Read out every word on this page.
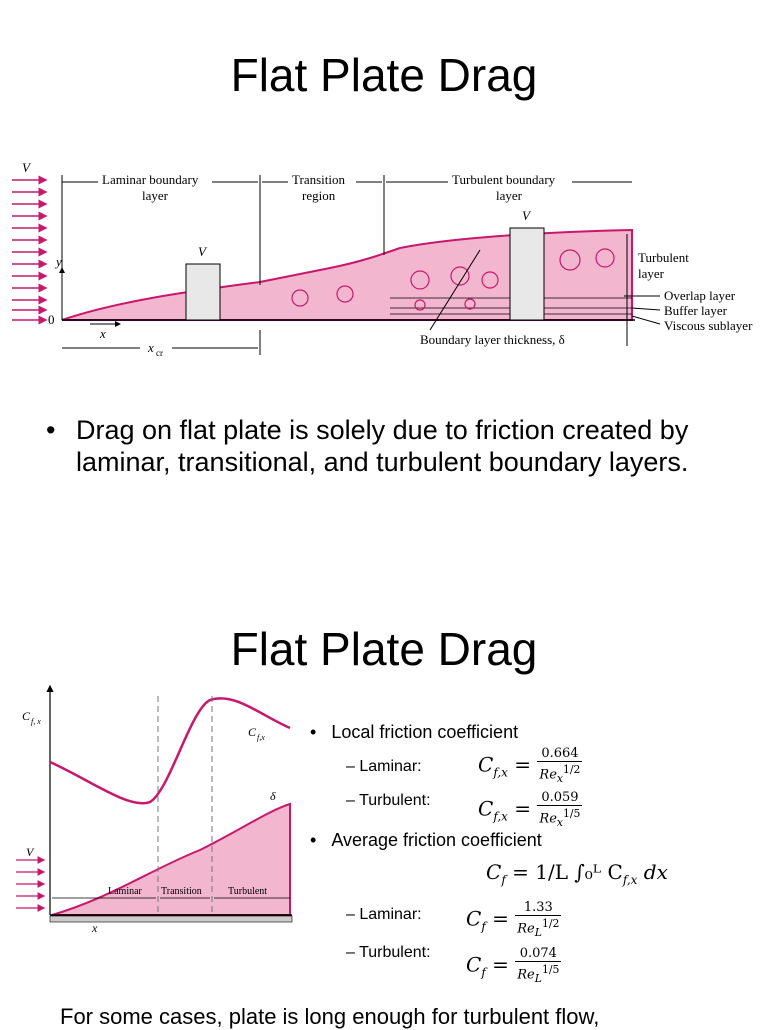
Flat Plate Drag
V
Laminar boundary
layer
Transition
region
Turbulent boundary
layer
V
V
y
0
x
x cr
Turbulent
layer
Overlap layer
Buffer layer
Viscous sublayer
Boundary layer thickness, δ
• Drag on flat plate is solely due to friction created by laminar, transitional, and turbulent boundary layers.
Flat Plate Drag
C f, x
C f,x
δ
V
Laminar Transition	Turbulent
x
•   Local friction coefficient
– Laminar:
– Turbulent:
•   Average friction coefficient
– Laminar:
– Turbulent:
$C_{f,x} = \frac{0.664}{Re_x^{1/2}}$
$C_{f,x} = \frac{0.059}{Re_x^{1/5}}$
$C_f = 1/L$ ∫₀ᴸ $C_{f,x}$ dx
$C_f = \frac{1.33}{Re_L^{1/2}}$
$C_f = \frac{0.074}{Re_L^{1/5}}$
For some cases, plate is long enough for turbulent flow,
